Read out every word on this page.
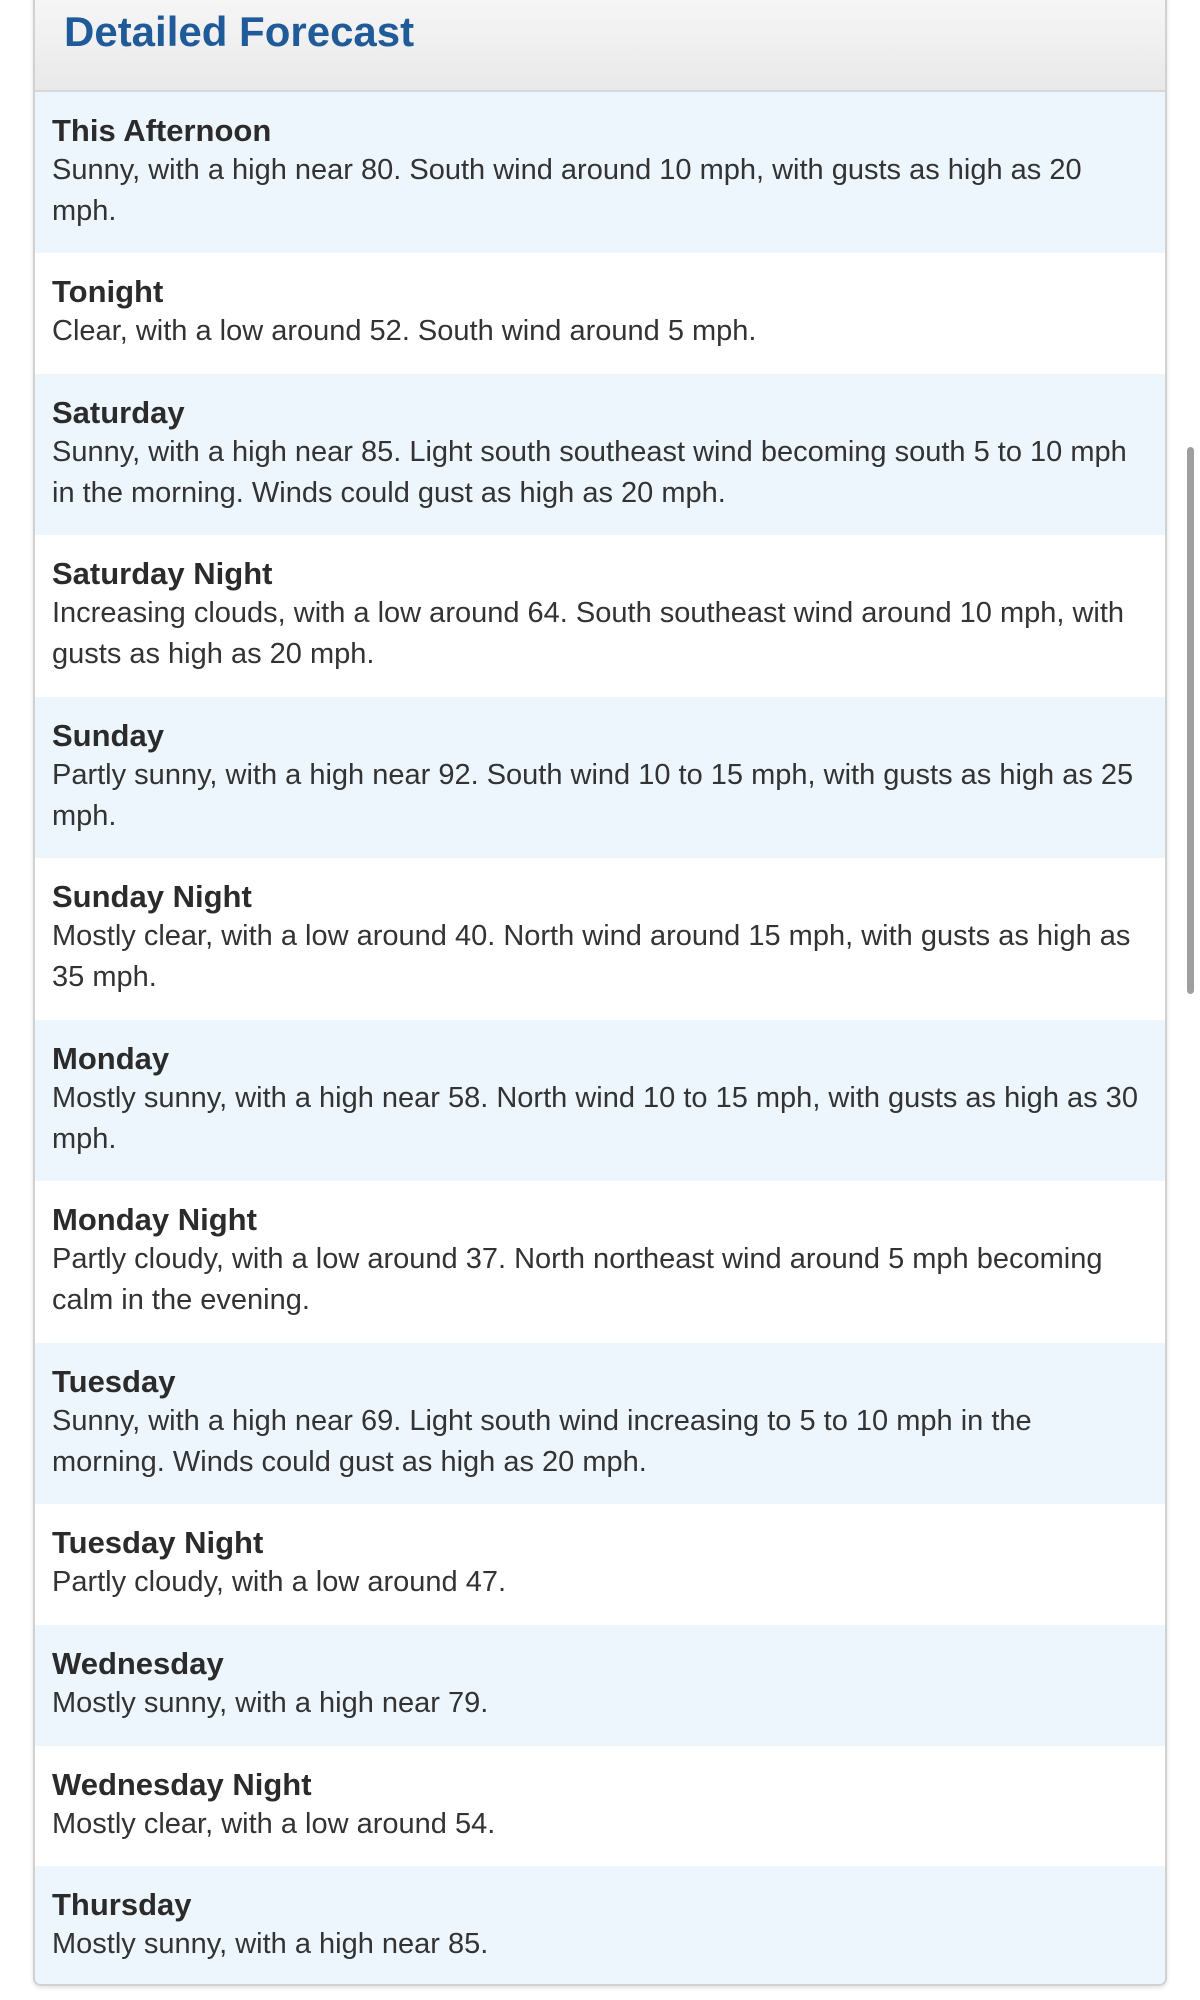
Detailed Forecast
This Afternoon
Sunny, with a high near 80. South wind around 10 mph, with gusts as high as 20 mph.
Tonight
Clear, with a low around 52. South wind around 5 mph.
Saturday
Sunny, with a high near 85. Light south southeast wind becoming south 5 to 10 mph in the morning. Winds could gust as high as 20 mph.
Saturday Night
Increasing clouds, with a low around 64. South southeast wind around 10 mph, with gusts as high as 20 mph.
Sunday
Partly sunny, with a high near 92. South wind 10 to 15 mph, with gusts as high as 25 mph.
Sunday Night
Mostly clear, with a low around 40. North wind around 15 mph, with gusts as high as 35 mph.
Monday
Mostly sunny, with a high near 58. North wind 10 to 15 mph, with gusts as high as 30 mph.
Monday Night
Partly cloudy, with a low around 37. North northeast wind around 5 mph becoming calm in the evening.
Tuesday
Sunny, with a high near 69. Light south wind increasing to 5 to 10 mph in the morning. Winds could gust as high as 20 mph.
Tuesday Night
Partly cloudy, with a low around 47.
Wednesday
Mostly sunny, with a high near 79.
Wednesday Night
Mostly clear, with a low around 54.
Thursday
Mostly sunny, with a high near 85.
